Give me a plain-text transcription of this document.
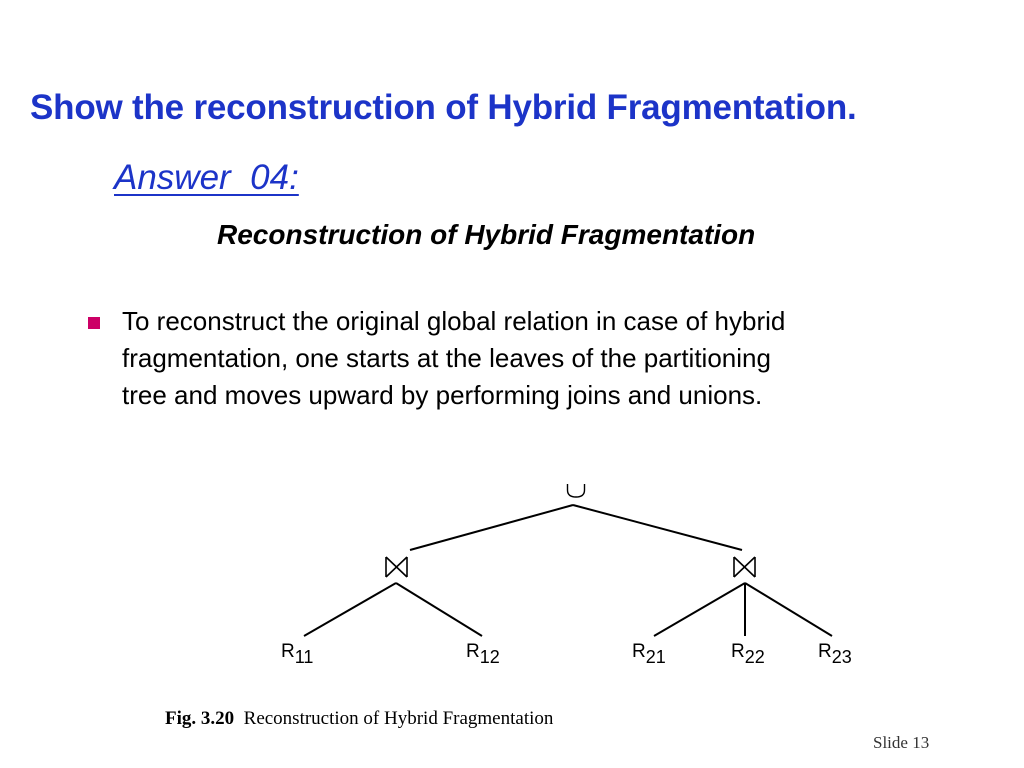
Show the reconstruction of Hybrid Fragmentation.
Answer  04:
Reconstruction of Hybrid Fragmentation
To reconstruct the original global relation in case of hybrid
fragmentation, one starts at the leaves of the partitioning
tree and moves upward by performing joins and unions.
R11	R12	R21	R22	R23
Fig. 3.20 Reconstruction of Hybrid Fragmentation
Slide 13
